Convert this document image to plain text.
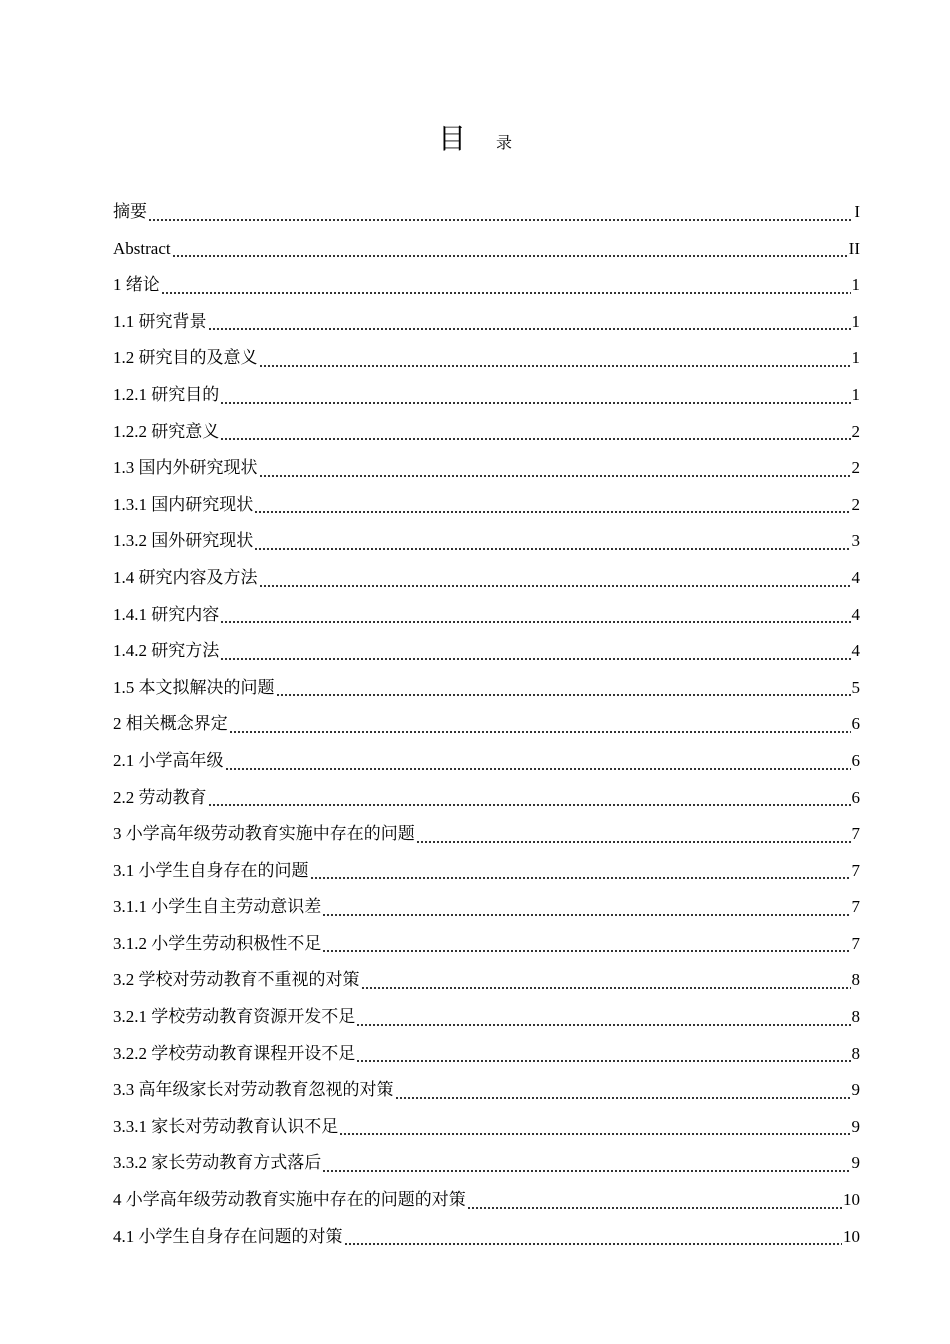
目 录
摘要	I
Abstract	II
1 绪论	1
1.1 研究背景	1
1.2 研究目的及意义	1
1.2.1 研究目的	1
1.2.2 研究意义	2
1.3 国内外研究现状	2
1.3.1 国内研究现状	2
1.3.2 国外研究现状	3
1.4 研究内容及方法	4
1.4.1 研究内容	4
1.4.2 研究方法	4
1.5 本文拟解决的问题	5
2 相关概念界定	6
2.1 小学高年级	6
2.2 劳动教育	6
3 小学高年级劳动教育实施中存在的问题	7
3.1 小学生自身存在的问题	7
3.1.1 小学生自主劳动意识差	7
3.1.2 小学生劳动积极性不足	7
3.2 学校对劳动教育不重视的对策	8
3.2.1 学校劳动教育资源开发不足	8
3.2.2 学校劳动教育课程开设不足	8
3.3 高年级家长对劳动教育忽视的对策	9
3.3.1 家长对劳动教育认识不足	9
3.3.2 家长劳动教育方式落后	9
4 小学高年级劳动教育实施中存在的问题的对策	10
4.1 小学生自身存在问题的对策	10
